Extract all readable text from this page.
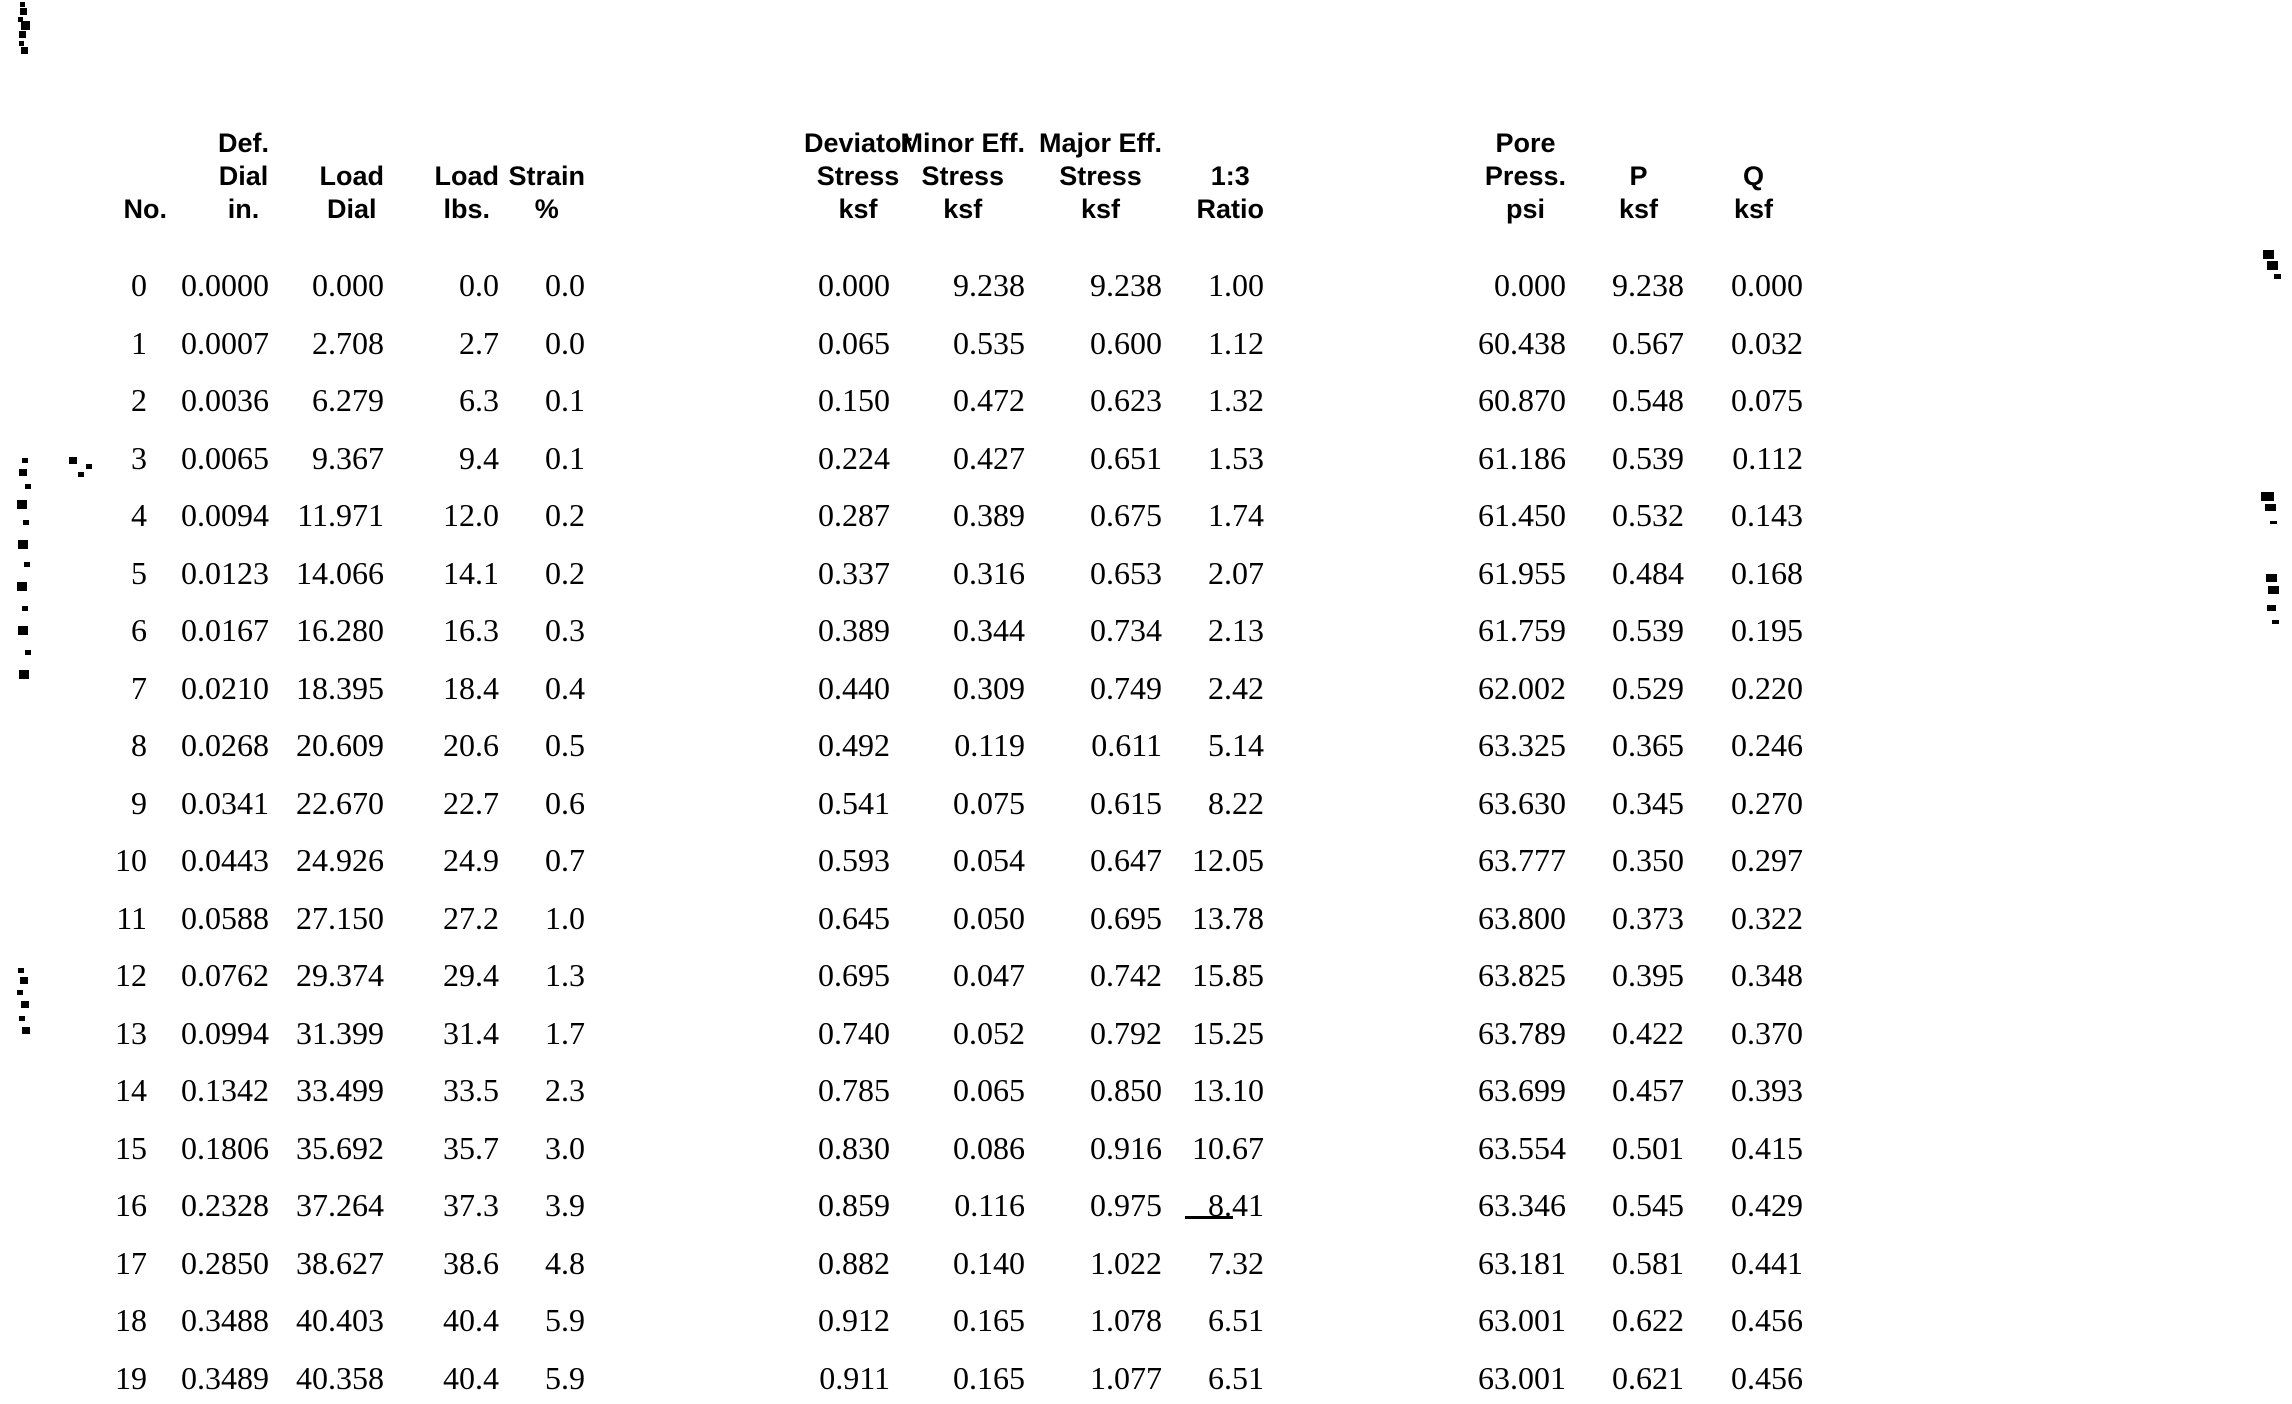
No.

Def.
Dial
in.

Load
Dial

Load
lbs.

Strain
%

Deviator
Stress
ksf

Minor Eff.
Stress
ksf

Major Eff.
Stress
ksf

1:3
Ratio

Pore
Press.
psi

P
ksf

Q
ksf

0	0.0000	0.000	0.0	0.0	0.000	9.238	9.238	1.00	0.000	9.238	0.000
1	0.0007	2.708	2.7	0.0	0.065	0.535	0.600	1.12	60.438	0.567	0.032
2	0.0036	6.279	6.3	0.1	0.150	0.472	0.623	1.32	60.870	0.548	0.075
3	0.0065	9.367	9.4	0.1	0.224	0.427	0.651	1.53	61.186	0.539	0.112
4	0.0094	11.971	12.0	0.2	0.287	0.389	0.675	1.74	61.450	0.532	0.143
5	0.0123	14.066	14.1	0.2	0.337	0.316	0.653	2.07	61.955	0.484	0.168
6	0.0167	16.280	16.3	0.3	0.389	0.344	0.734	2.13	61.759	0.539	0.195
7	0.0210	18.395	18.4	0.4	0.440	0.309	0.749	2.42	62.002	0.529	0.220
8	0.0268	20.609	20.6	0.5	0.492	0.119	0.611	5.14	63.325	0.365	0.246
9	0.0341	22.670	22.7	0.6	0.541	0.075	0.615	8.22	63.630	0.345	0.270
10	0.0443	24.926	24.9	0.7	0.593	0.054	0.647	12.05	63.777	0.350	0.297
11	0.0588	27.150	27.2	1.0	0.645	0.050	0.695	13.78	63.800	0.373	0.322
12	0.0762	29.374	29.4	1.3	0.695	0.047	0.742	15.85	63.825	0.395	0.348
13	0.0994	31.399	31.4	1.7	0.740	0.052	0.792	15.25	63.789	0.422	0.370
14	0.1342	33.499	33.5	2.3	0.785	0.065	0.850	13.10	63.699	0.457	0.393
15	0.1806	35.692	35.7	3.0	0.830	0.086	0.916	10.67	63.554	0.501	0.415
16	0.2328	37.264	37.3	3.9	0.859	0.116	0.975	8.41	63.346	0.545	0.429
17	0.2850	38.627	38.6	4.8	0.882	0.140	1.022	7.32	63.181	0.581	0.441
18	0.3488	40.403	40.4	5.9	0.912	0.165	1.078	6.51	63.001	0.622	0.456
19	0.3489	40.358	40.4	5.9	0.911	0.165	1.077	6.51	63.001	0.621	0.456
